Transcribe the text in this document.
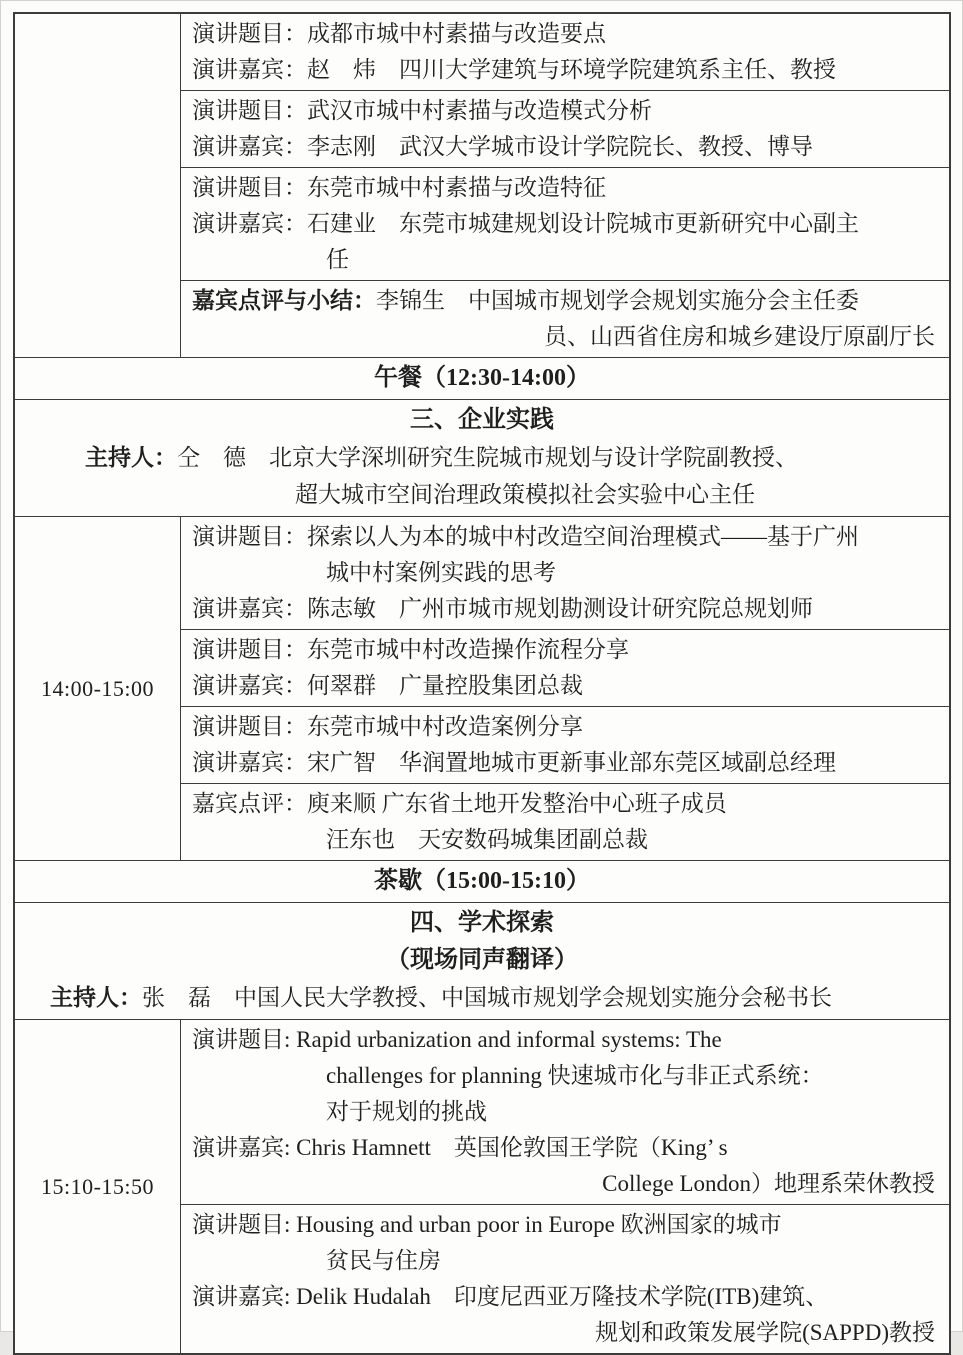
演讲题目：成都市城中村素描与改造要点
演讲嘉宾：赵　炜　四川大学建筑与环境学院建筑系主任、教授
演讲题目：武汉市城中村素描与改造模式分析
演讲嘉宾：李志刚　武汉大学城市设计学院院长、教授、博导
演讲题目：东莞市城中村素描与改造特征
演讲嘉宾：石建业　东莞市城建规划设计院城市更新研究中心副主
任
嘉宾点评与小结：李锦生　中国城市规划学会规划实施分会主任委
员、山西省住房和城乡建设厅原副厅长
午餐（12:30-14:00）
三、企业实践
主持人：仝　德　北京大学深圳研究生院城市规划与设计学院副教授、
超大城市空间治理政策模拟社会实验中心主任
14:00-15:00
演讲题目：探索以人为本的城中村改造空间治理模式——基于广州
城中村案例实践的思考
演讲嘉宾：陈志敏　广州市城市规划勘测设计研究院总规划师
演讲题目：东莞市城中村改造操作流程分享
演讲嘉宾：何翠群　广量控股集团总裁
演讲题目：东莞市城中村改造案例分享
演讲嘉宾：宋广智　华润置地城市更新事业部东莞区域副总经理
嘉宾点评：庾来顺 广东省土地开发整治中心班子成员
汪东也　天安数码城集团副总裁
茶歇（15:00-15:10）
四、学术探索
（现场同声翻译）
主持人：张　磊　中国人民大学教授、中国城市规划学会规划实施分会秘书长
15:10-15:50
演讲题目: Rapid urbanization and informal systems: The
challenges for planning 快速城市化与非正式系统：
对于规划的挑战
演讲嘉宾: Chris Hamnett　英国伦敦国王学院（King’ s
College London）地理系荣休教授
演讲题目: Housing and urban poor in Europe 欧洲国家的城市
贫民与住房
演讲嘉宾: Delik Hudalah　印度尼西亚万隆技术学院(ITB)建筑、
规划和政策发展学院(SAPPD)教授
